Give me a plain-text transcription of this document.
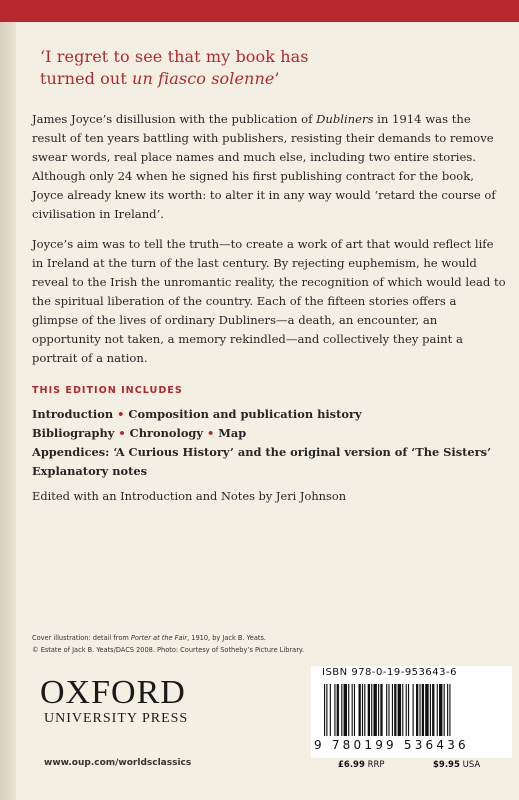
‘I regret to see that my book has
turned out un fiasco solenne’
James Joyce’s disillusion with the publication of Dubliners in 1914 was the result of ten years battling with publishers, resisting their demands to remove swear words, real place names and much else, including two entire stories. Although only 24 when he signed his first publishing contract for the book, Joyce already knew its worth: to alter it in any way would ‘retard the course of civilisation in Ireland’.
Joyce’s aim was to tell the truth—to create a work of art that would reflect life in Ireland at the turn of the last century. By rejecting euphemism, he would reveal to the Irish the unromantic reality, the recognition of which would lead to the spiritual liberation of the country. Each of the fifteen stories offers a glimpse of the lives of ordinary Dubliners—a death, an encounter, an opportunity not taken, a memory rekindled—and collectively they paint a portrait of a nation.
THIS EDITION INCLUDES
Introduction • Composition and publication history
Bibliography • Chronology • Map
Appendices: ‘A Curious History’ and the original version of ‘The Sisters’
Explanatory notes
Edited with an Introduction and Notes by Jeri Johnson
Cover illustration: detail from Porter at the Fair, 1910, by Jack B. Yeats.
© Estate of Jack B. Yeats/DACS 2008. Photo: Courtesy of Sotheby’s Picture Library.
OXFORD
UNIVERSITY PRESS
www.oup.com/worldsclassics
ISBN 978-0-19-953643-6
9 780199 536436
£6.99 RRP	$9.95 USA
